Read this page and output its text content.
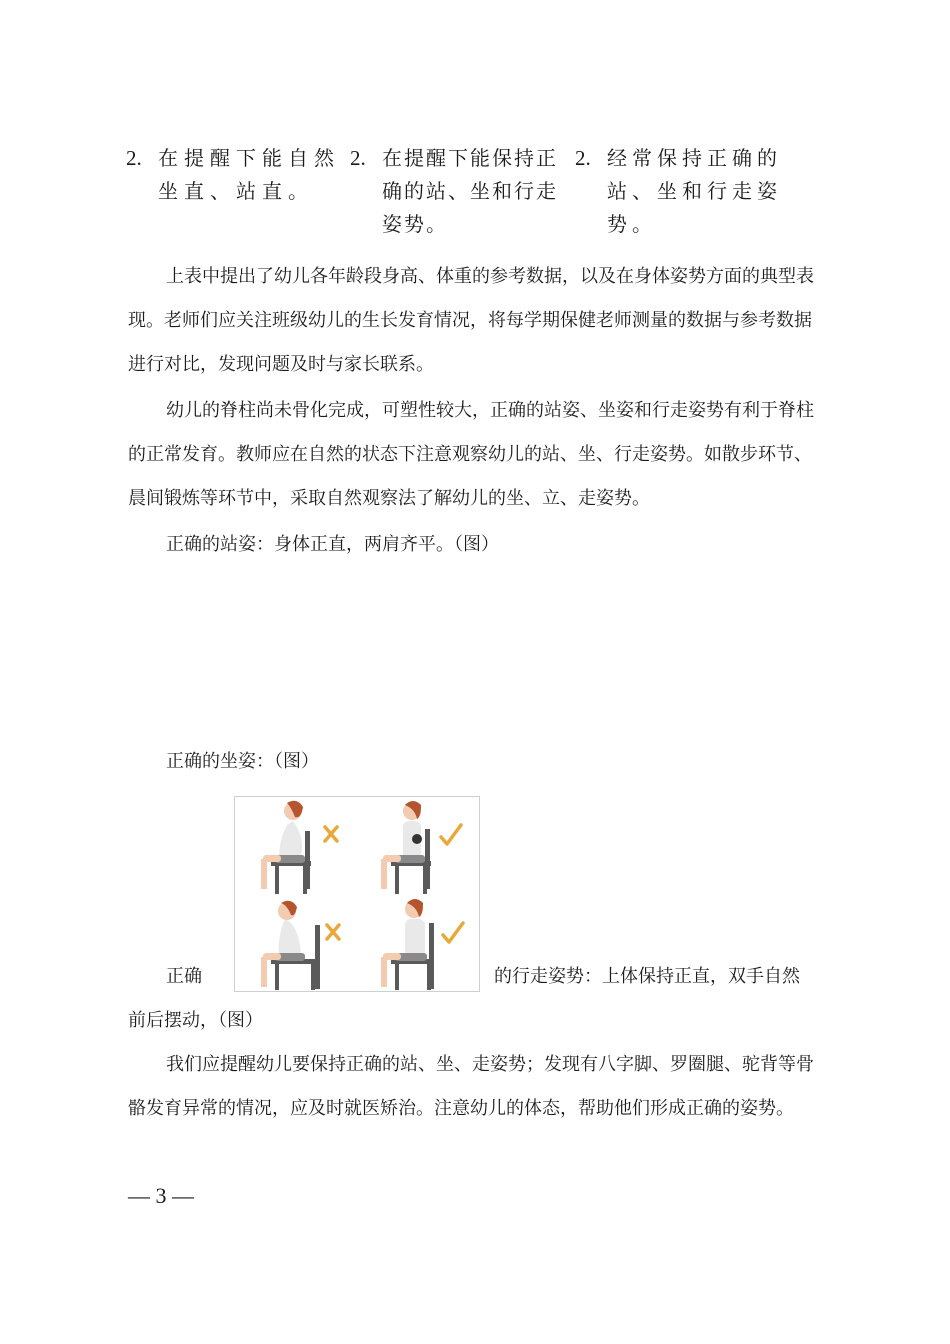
2. 在提醒下能自然坐直、站直。
2. 在提醒下能保持正确的站、坐和行走姿势。
2. 经常保持正确的站、坐和行走姿势。

上表中提出了幼儿各年龄段身高、体重的参考数据，以及在身体姿势方面的典型表现。老师们应关注班级幼儿的生长发育情况，将每学期保健老师测量的数据与参考数据进行对比，发现问题及时与家长联系。

幼儿的脊柱尚未骨化完成，可塑性较大，正确的站姿、坐姿和行走姿势有利于脊柱的正常发育。教师应在自然的状态下注意观察幼儿的站、坐、行走姿势。如散步环节、晨间锻炼等环节中，采取自然观察法了解幼儿的坐、立、走姿势。

正确的站姿：身体正直，两肩齐平。（图）

正确的坐姿：（图）

正确	的行走姿势：上体保持正直，双手自然
前后摆动，（图）

我们应提醒幼儿要保持正确的站、坐、走姿势；发现有八字脚、罗圈腿、驼背等骨骼发育异常的情况，应及时就医矫治。注意幼儿的体态，帮助他们形成正确的姿势。

— 3 —
